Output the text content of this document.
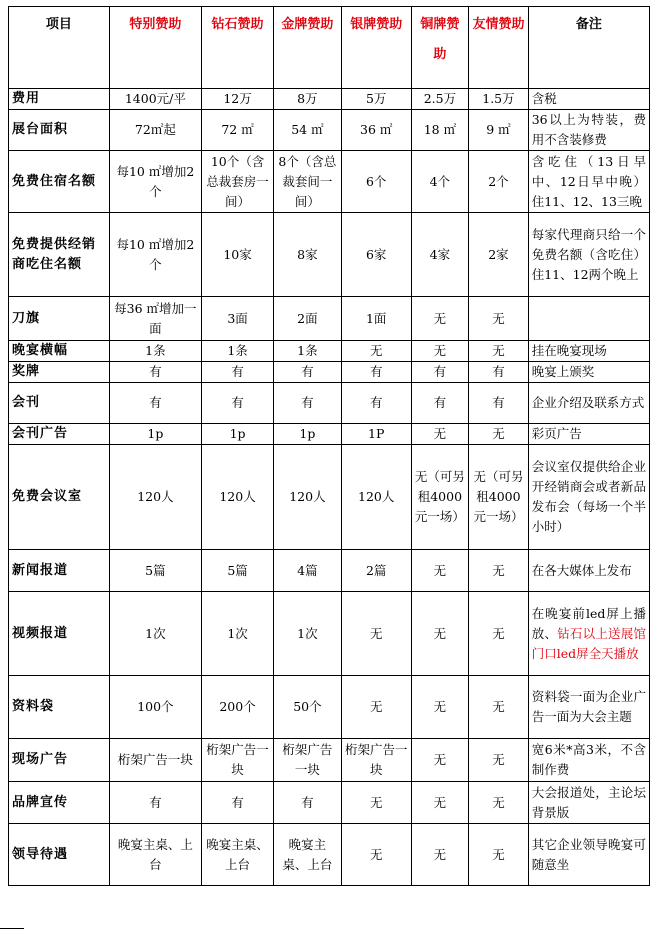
项目	特别赞助	钻石赞助	金牌赞助	银牌赞助	铜牌赞助	友情赞助	备注
费用	1400元/平	12万	8万	5万	2.5万	1.5万	含税
展台面积	72㎡起	72 ㎡	54 ㎡	36 ㎡	18 ㎡	9 ㎡	36以上为特装，费用不含装修费
免费住宿名额	每10 ㎡增加2个	10个（含总裁套房一间）	8个（含总裁套间一间）	6个	4个	2个	含吃住（13日早中、12日早中晚）住11、12、13三晚
免费提供经销商吃住名额	每10 ㎡增加2个	10家	8家	6家	4家	2家	每家代理商只给一个免费名额（含吃住）住11、12两个晚上
刀旗	每36 ㎡增加一面	3面	2面	1面	无	无	
晚宴横幅	1条	1条	1条	无	无	无	挂在晚宴现场
奖牌	有	有	有	有	有	有	晚宴上颁奖
会刊	有	有	有	有	有	有	企业介绍及联系方式
会刊广告	1p	1p	1p	1P	无	无	彩页广告
免费会议室	120人	120人	120人	120人	无（可另租4000元一场）	无（可另租4000元一场）	会议室仅提供给企业开经销商会或者新品发布会（每场一个半小时）
新闻报道	5篇	5篇	4篇	2篇	无	无	在各大媒体上发布
视频报道	1次	1次	1次	无	无	无	在晚宴前led屏上播放、钻石以上送展馆门口led屏全天播放
资料袋	100个	200个	50个	无	无	无	资料袋一面为企业广告一面为大会主题
现场广告	桁架广告一块	桁架广告一块	桁架广告一块	桁架广告一块	无	无	宽6米*高3米，不含制作费
品牌宣传	有	有	有	无	无	无	大会报道处，主论坛背景版
领导待遇	晚宴主桌、上台	晚宴主桌、上台	晚宴主桌、上台	无	无	无	其它企业领导晚宴可随意坐
